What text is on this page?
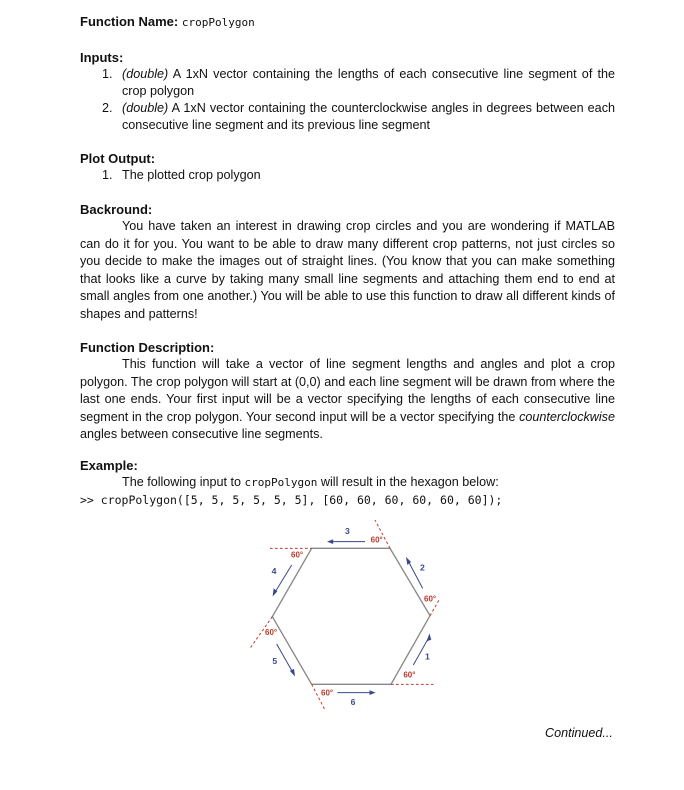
Function Name: cropPolygon
Inputs:
1. (double) A 1xN vector containing the lengths of each consecutive line segment of the crop polygon
2. (double) A 1xN vector containing the counterclockwise angles in degrees between each consecutive line segment and its previous line segment
Plot Output:
1. The plotted crop polygon
Backround:
You have taken an interest in drawing crop circles and you are wondering if MATLAB can do it for you. You want to be able to draw many different crop patterns, not just circles so you decide to make the images out of straight lines. (You know that you can make something that looks like a curve by taking many small line segments and attaching them end to end at small angles from one another.) You will be able to use this function to draw all different kinds of shapes and patterns!
Function Description:
This function will take a vector of line segment lengths and angles and plot a crop polygon. The crop polygon will start at (0,0) and each line segment will be drawn from where the last one ends. Your first input will be a vector specifying the lengths of each consecutive line segment in the crop polygon. Your second input will be a vector specifying the counterclockwise angles between consecutive line segments.
Example:
The following input to cropPolygon will result in the hexagon below:
>> cropPolygon([5, 5, 5, 5, 5, 5], [60, 60, 60, 60, 60, 60]);
1
2
3
4
5
6
60°
60°
60°
60°
60°
60°
Continued...
